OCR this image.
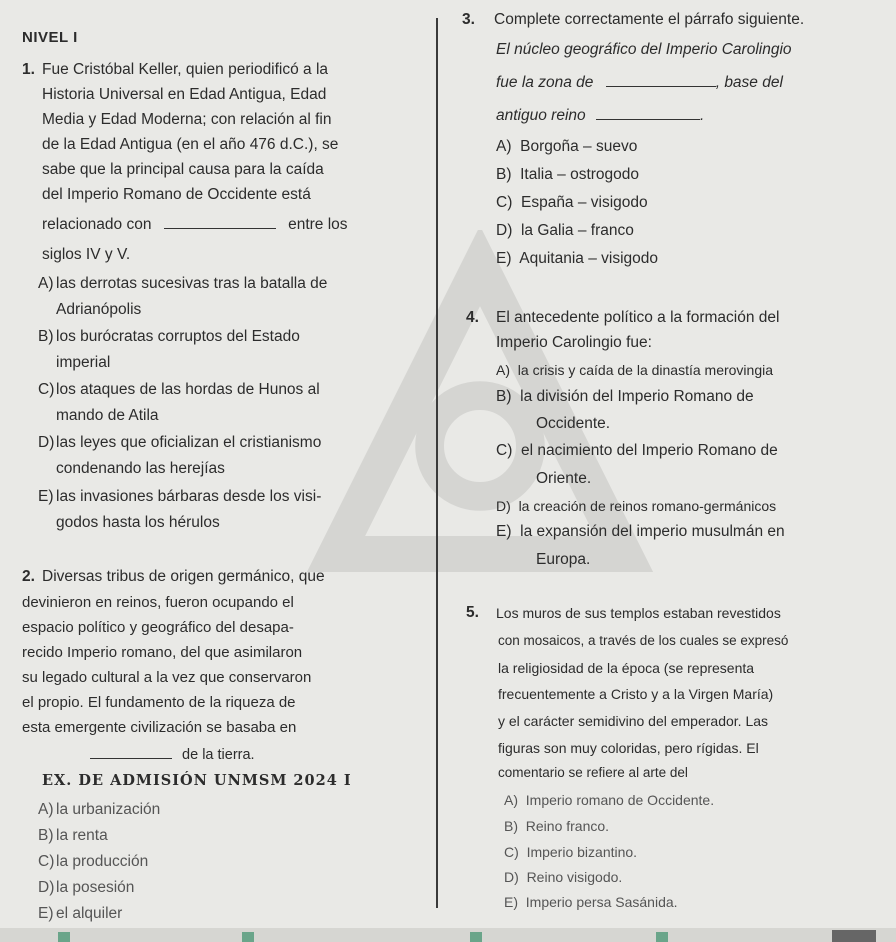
NIVEL I
1. Fue Cristóbal Keller, quien periodificó a la
Historia Universal en Edad Antigua, Edad
Media y Edad Moderna; con relación al fin
de la Edad Antigua (en el año 476 d.C.), se
sabe que la principal causa para la caída
del Imperio Romano de Occidente está
relacionado con	entre los
siglos IV y V.
A) las derrotas sucesivas tras la batalla de
Adrianópolis
B) los burócratas corruptos del Estado
imperial
C) los ataques de las hordas de Hunos al
mando de Atila
D) las leyes que oficializan el cristianismo
condenando las herejías
E) las invasiones bárbaras desde los visi-
godos hasta los hérulos
2. Diversas tribus de origen germánico, que
devinieron en reinos, fueron ocupando el
espacio político y geográfico del desapa-
recido Imperio romano, del que asimilaron
su legado cultural a la vez que conservaron
el propio. El fundamento de la riqueza de
esta emergente civilización se basaba en
de la tierra.
EX. DE ADMISIÓN UNMSM 2024 I
A) la urbanización
B) la renta
C) la producción
D) la posesión
E) el alquiler
3. Complete correctamente el párrafo siguiente.
El núcleo geográfico del Imperio Carolingio
fue la zona de	, base del
antiguo reino	.
A) Borgoña – suevo
B) Italia – ostrogodo
C) España – visigodo
D) la Galia – franco
E) Aquitania – visigodo
4. El antecedente político a la formación del
Imperio Carolingio fue:
A) la crisis y caída de la dinastía merovingia
B) la división del Imperio Romano de
Occidente.
C) el nacimiento del Imperio Romano de
Oriente.
D) la creación de reinos romano-germánicos
E) la expansión del imperio musulmán en
Europa.
5. Los muros de sus templos estaban revestidos
con mosaicos, a través de los cuales se expresó
la religiosidad de la época (se representa
frecuentemente a Cristo y a la Virgen María)
y el carácter semidivino del emperador. Las
figuras son muy coloridas, pero rígidas. El
comentario se refiere al arte del
A) Imperio romano de Occidente.
B) Reino franco.
C) Imperio bizantino.
D) Reino visigodo.
E) Imperio persa Sasánida.
